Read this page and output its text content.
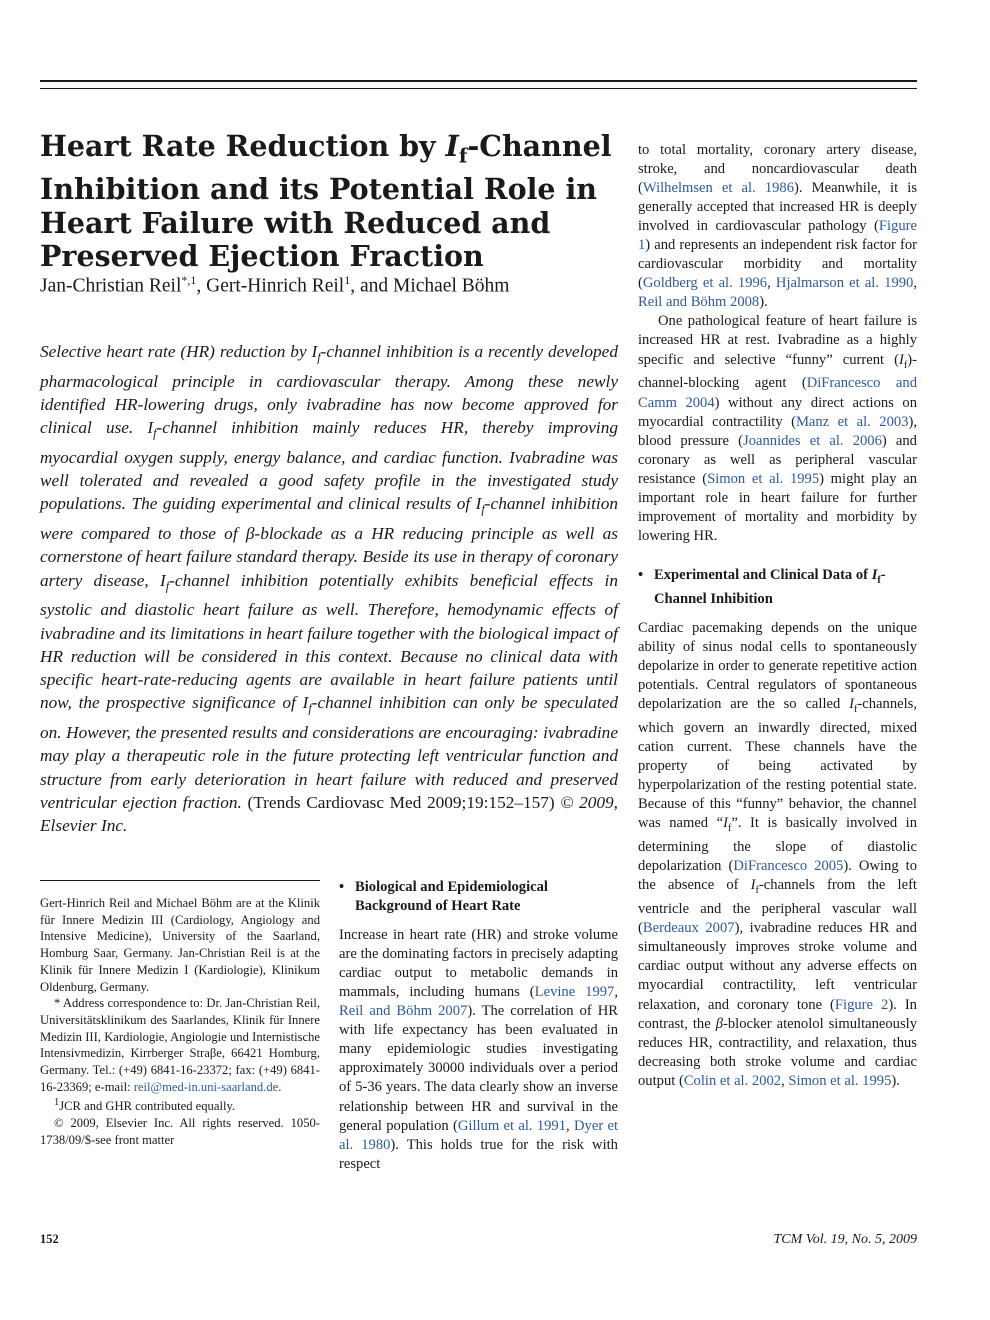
Heart Rate Reduction by $I_f$-Channel Inhibition and its Potential Role in Heart Failure with Reduced and Preserved Ejection Fraction
Jan-Christian Reil$^{*,1}$, Gert-Hinrich Reil$^1$, and Michael Böhm
Selective heart rate (HR) reduction by $I_f$-channel inhibition is a recently developed pharmacological principle in cardiovascular therapy. Among these newly identified HR-lowering drugs, only ivabradine has now become approved for clinical use. $I_f$-channel inhibition mainly reduces HR, thereby improving myocardial oxygen supply, energy balance, and cardiac function. Ivabradine was well tolerated and revealed a good safety profile in the investigated study populations. The guiding experimental and clinical results of $I_f$-channel inhibition were compared to those of β-blockade as a HR reducing principle as well as cornerstone of heart failure standard therapy. Beside its use in therapy of coronary artery disease, $I_f$-channel inhibition potentially exhibits beneficial effects in systolic and diastolic heart failure as well. Therefore, hemodynamic effects of ivabradine and its limitations in heart failure together with the biological impact of HR reduction will be considered in this context. Because no clinical data with specific heart-rate-reducing agents are available in heart failure patients until now, the prospective significance of $I_f$-channel inhibition can only be speculated on. However, the presented results and considerations are encouraging: ivabradine may play a therapeutic role in the future protecting left ventricular function and structure from early deterioration in heart failure with reduced and preserved ventricular ejection fraction. (Trends Cardiovasc Med 2009;19:152–157) © 2009, Elsevier Inc.

Gert-Hinrich Reil and Michael Böhm are at the Klinik für Innere Medizin III (Cardiology, Angiology and Intensive Medicine), University of the Saarland, Homburg Saar, Germany. Jan-Christian Reil is at the Klinik für Innere Medizin I (Kardiologie), Klinikum Oldenburg, Germany.

* Address correspondence to: Dr. Jan-Christian Reil, Universitätsklinikum des Saarlandes, Klinik für Innere Medizin III, Kardiologie, Angiologie und Internistische Intensivmedizin, Kirrberger Straβe, 66421 Homburg, Germany. Tel.: (+49) 6841-16-23372; fax: (+49) 6841-16-23369; e-mail: reil@med-in.uni-saarland.de.

$^1$JCR and GHR contributed equally.

© 2009, Elsevier Inc. All rights reserved. 1050-1738/09/$-see front matter

• Biological and Epidemiological Background of Heart Rate

Increase in heart rate (HR) and stroke volume are the dominating factors in precisely adapting cardiac output to metabolic demands in mammals, including humans (Levine 1997, Reil and Böhm 2007). The correlation of HR with life expectancy has been evaluated in many epidemiologic studies investigating approximately 30000 individuals over a period of 5-36 years. The data clearly show an inverse relationship between HR and survival in the general population (Gillum et al. 1991, Dyer et al. 1980). This holds true for the risk with respect

to total mortality, coronary artery disease, stroke, and noncardiovascular death (Wilhelmsen et al. 1986). Meanwhile, it is generally accepted that increased HR is deeply involved in cardiovascular pathology (Figure 1) and represents an independent risk factor for cardiovascular morbidity and mortality (Goldberg et al. 1996, Hjalmarson et al. 1990, Reil and Böhm 2008).

One pathological feature of heart failure is increased HR at rest. Ivabradine as a highly specific and selective “funny” current $(I_f)-channel$-blocking agent (DiFrancesco and Camm 2004) without any direct actions on myocardial contractility (Manz et al. 2003), blood pressure (Joannides et al. 2006) and coronary as well as peripheral vascular resistance (Simon et al. 1995) might play an important role in heart failure for further improvement of mortality and morbidity by lowering HR.

• Experimental and Clinical Data of $I_f$-Channel Inhibition

Cardiac pacemaking depends on the unique ability of sinus nodal cells to spontaneously depolarize in order to generate repetitive action potentials. Central regulators of spontaneous depolarization are the so called $I_f$-channels, which govern an inwardly directed, mixed cation current. These channels have the property of being activated by hyperpolarization of the resting potential state. Because of this “funny” behavior, the channel was named “$I_f$”. It is basically involved in determining the slope of diastolic depolarization (DiFrancesco 2005). Owing to the absence of $I_f$-channels from the left ventricle and the peripheral vascular wall (Berdeaux 2007), ivabradine reduces HR and simultaneously improves stroke volume and cardiac output without any adverse effects on myocardial contractility, left ventricular relaxation, and coronary tone (Figure 2). In contrast, the β-blocker atenolol simultaneously reduces HR, contractility, and relaxation, thus decreasing both stroke volume and cardiac output (Colin et al. 2002, Simon et al. 1995).

152	TCM Vol. 19, No. 5, 2009
